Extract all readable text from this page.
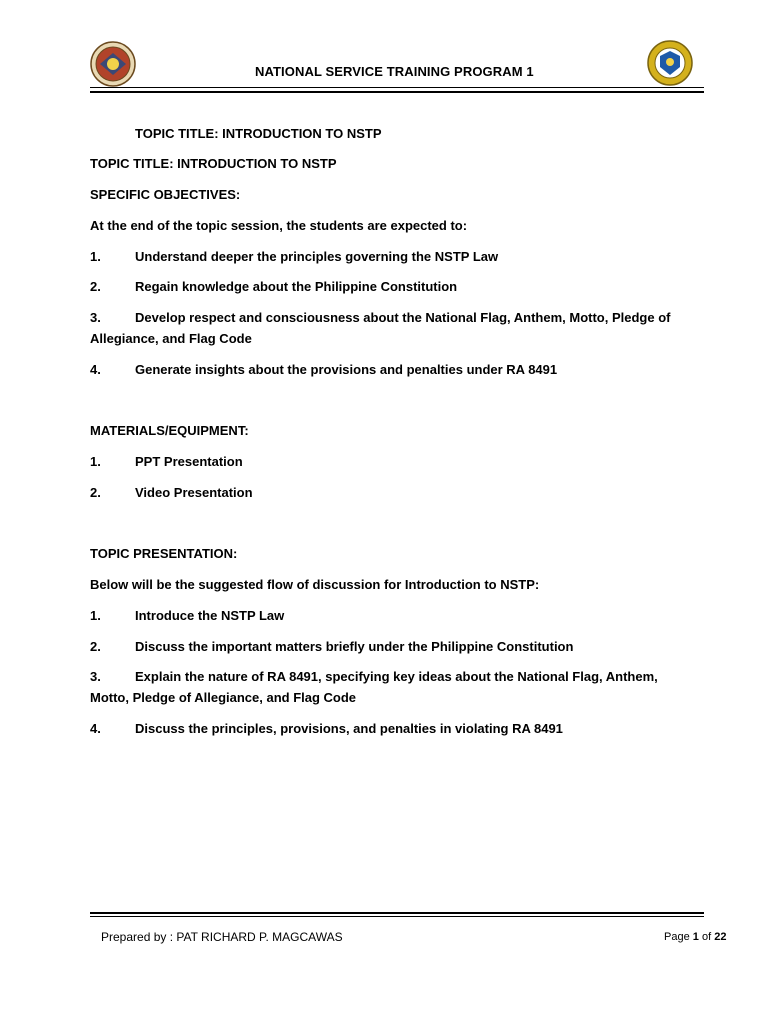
NATIONAL SERVICE TRAINING PROGRAM 1
TOPIC TITLE: INTRODUCTION TO NSTP
TOPIC TITLE: INTRODUCTION TO NSTP
SPECIFIC OBJECTIVES:
At the end of the topic session, the students are expected to:
1.	Understand deeper the principles governing the NSTP Law
2.	Regain knowledge about the Philippine Constitution
3.	Develop respect and consciousness about the National Flag, Anthem, Motto, Pledge of
Allegiance, and Flag Code
4.	Generate insights about the provisions and penalties under RA 8491
MATERIALS/EQUIPMENT:
1.	PPT Presentation
2.	Video Presentation
TOPIC PRESENTATION:
Below will be the suggested flow of discussion for Introduction to NSTP:
1.	Introduce the NSTP Law
2.	Discuss the important matters briefly under the Philippine Constitution
3.	Explain the nature of RA 8491, specifying key ideas about the National Flag, Anthem,
Motto, Pledge of Allegiance, and Flag Code
4.	Discuss the principles, provisions, and penalties in violating RA 8491
Prepared by : PAT RICHARD P. MAGCAWAS	Page 1 of 22
